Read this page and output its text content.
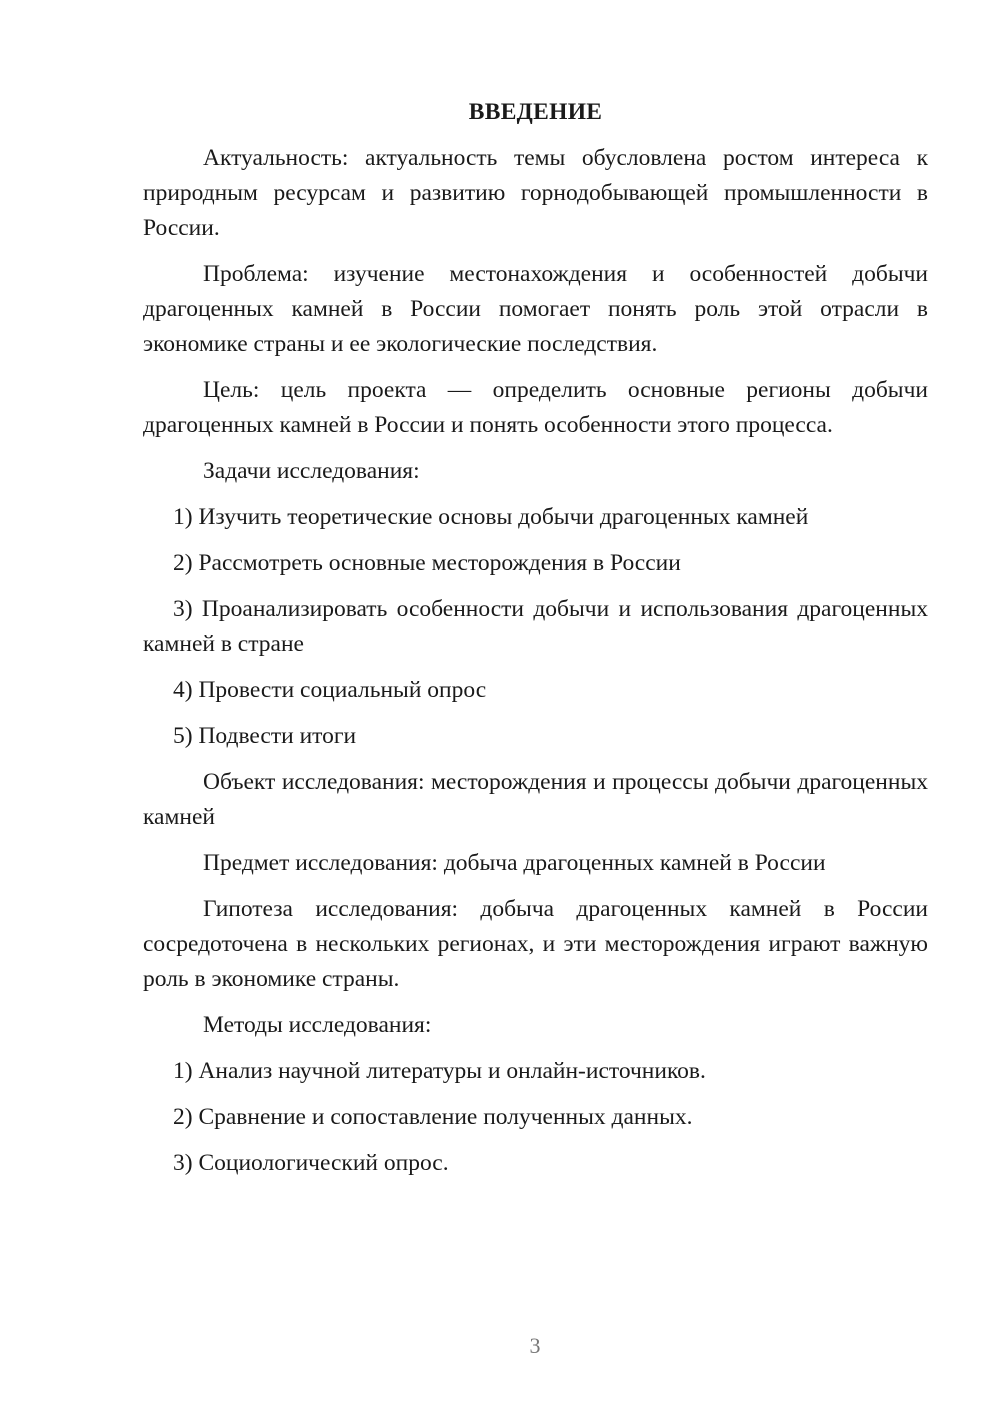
ВВЕДЕНИЕ

Актуальность: актуальность темы обусловлена ростом интереса к природным ресурсам и развитию горнодобывающей промышленности в России.

Проблема: изучение местонахождения и особенностей добычи драгоценных камней в России помогает понять роль этой отрасли в экономике страны и ее экологические последствия.

Цель: цель проекта — определить основные регионы добычи драгоценных камней в России и понять особенности этого процесса.

Задачи исследования:

1) Изучить теоретические основы добычи драгоценных камней

2) Рассмотреть основные месторождения в России

3) Проанализировать особенности добычи и использования драгоценных камней в стране

4) Провести социальный опрос

5) Подвести итоги

Объект исследования: месторождения и процессы добычи драгоценных камней

Предмет исследования: добыча драгоценных камней в России

Гипотеза исследования: добыча драгоценных камней в России сосредоточена в нескольких регионах, и эти месторождения играют важную роль в экономике страны.

Методы исследования:

1) Анализ научной литературы и онлайн-источников.

2) Сравнение и сопоставление полученных данных.

3) Социологический опрос.

3
